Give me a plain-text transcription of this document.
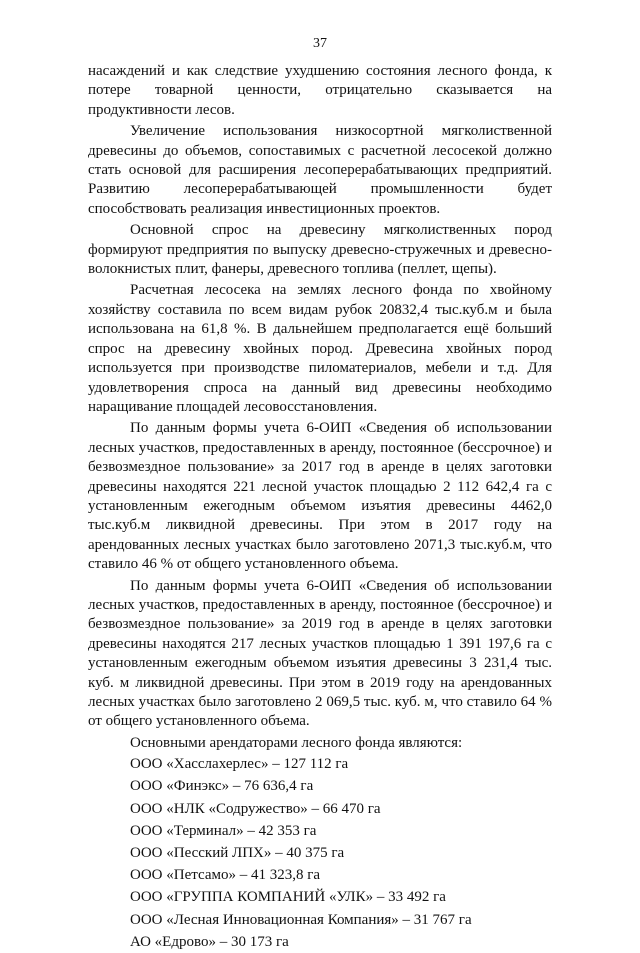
37

насаждений и как следствие ухудшению состояния лесного фонда, к потере товарной ценности, отрицательно сказывается на продуктивности лесов.

Увеличение использования низкосортной мягколиственной древесины до объемов, сопоставимых с расчетной лесосекой должно стать основой для расширения лесоперерабатывающих предприятий. Развитию лесоперерабатывающей промышленности будет способствовать реализация инвестиционных проектов.

Основной спрос на древесину мягколиственных пород формируют предприятия по выпуску древесно-стружечных и древесно-волокнистых плит, фанеры, древесного топлива (пеллет, щепы).

Расчетная лесосека на землях лесного фонда по хвойному хозяйству составила по всем видам рубок 20832,4 тыс.куб.м и была использована на 61,8 %. В дальнейшем предполагается ещё больший спрос на древесину хвойных пород. Древесина хвойных пород используется при производстве пиломатериалов, мебели и т.д. Для удовлетворения спроса на данный вид древесины необходимо наращивание площадей лесовосстановления.

По данным формы учета 6-ОИП «Сведения об использовании лесных участков, предоставленных в аренду, постоянное (бессрочное) и безвозмездное пользование» за 2017 год в аренде в целях заготовки древесины находятся 221 лесной участок площадью 2 112 642,4 га с установленным ежегодным объемом изъятия древесины 4462,0 тыс.куб.м ликвидной древесины. При этом в 2017 году на арендованных лесных участках было заготовлено 2071,3 тыс.куб.м, что ставило 46 % от общего установленного объема.

По данным формы учета 6-ОИП «Сведения об использовании лесных участков, предоставленных в аренду, постоянное (бессрочное) и безвозмездное пользование» за 2019 год в аренде в целях заготовки древесины находятся 217 лесных участков площадью 1 391 197,6 га с установленным ежегодным объемом изъятия древесины 3 231,4 тыс. куб. м ликвидной древесины. При этом в 2019 году на арендованных лесных участках было заготовлено 2 069,5 тыс. куб. м, что ставило 64 % от общего установленного объема.

Основными арендаторами лесного фонда являются:

ООО «Хасслахерлес» – 127 112 га
ООО «Финэкс» – 76 636,4 га
ООО «НЛК «Содружество» – 66 470 га
ООО «Терминал» – 42 353 га
ООО «Песский ЛПХ» – 40 375 га
ООО «Петсамо» – 41 323,8 га
ООО «ГРУППА КОМПАНИЙ «УЛК» – 33 492 га
ООО «Лесная Инновационная Компания» – 31 767 га
АО «Едрово» – 30 173 га
